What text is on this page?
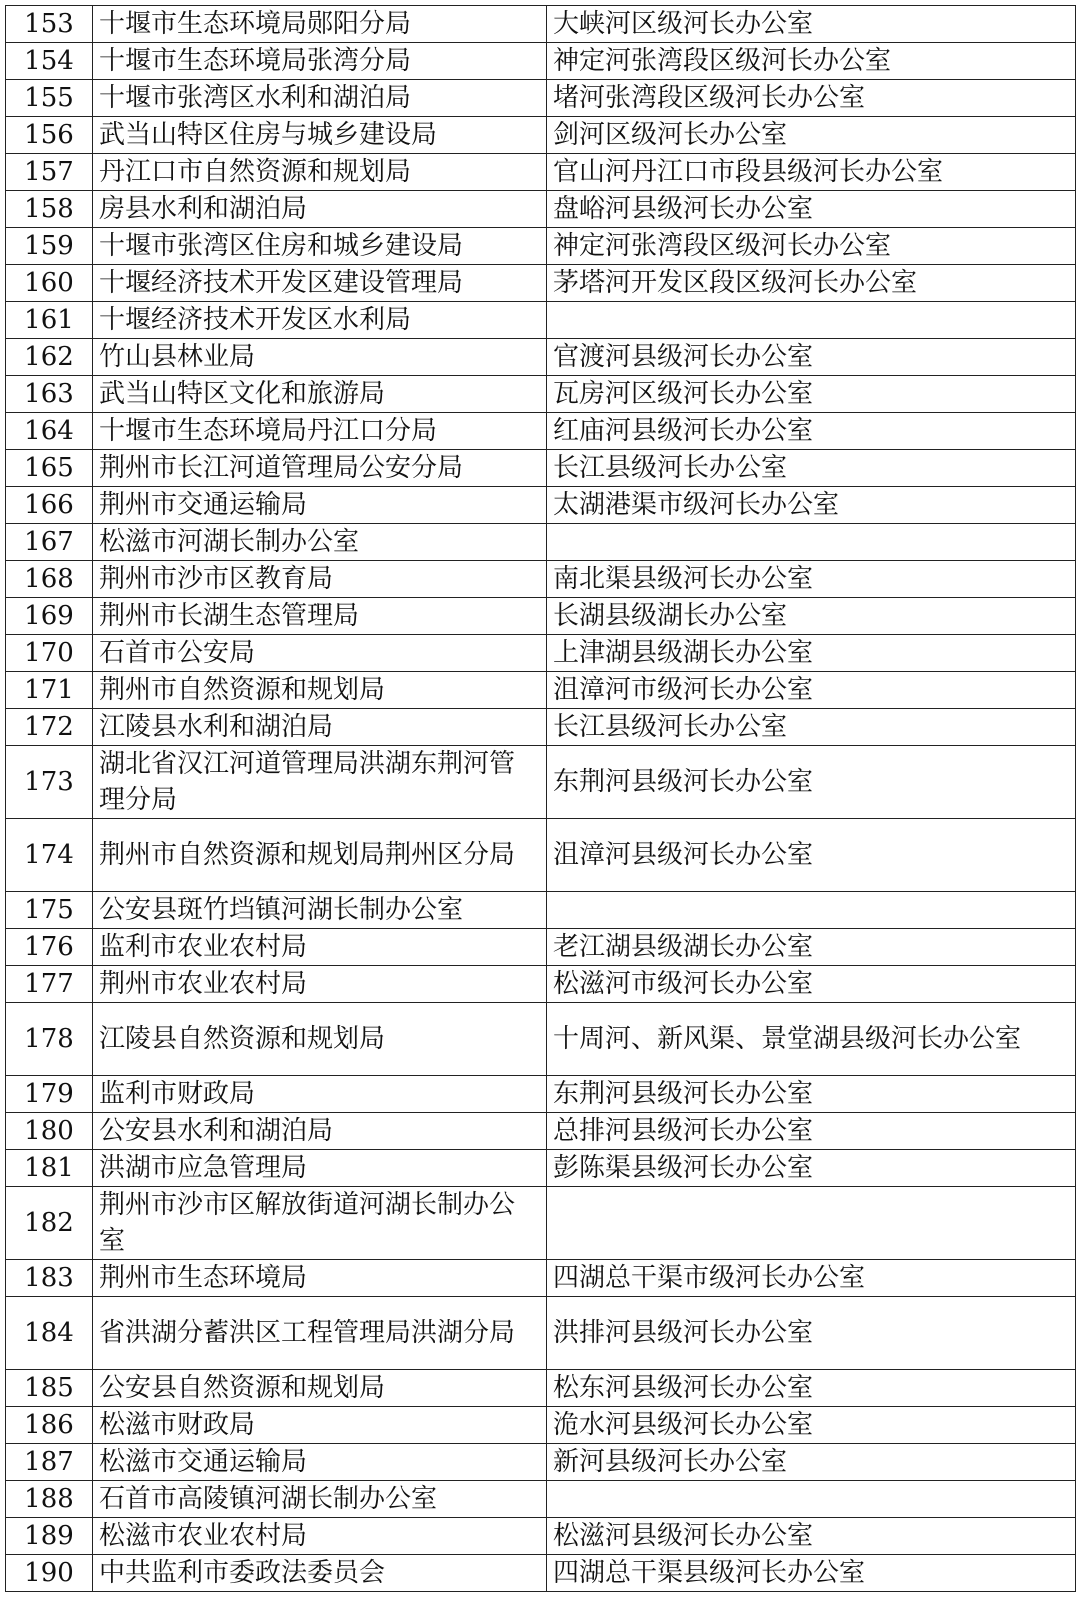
153	十堰市生态环境局郧阳分局	大峡河区级河长办公室
154	十堰市生态环境局张湾分局	神定河张湾段区级河长办公室
155	十堰市张湾区水利和湖泊局	堵河张湾段区级河长办公室
156	武当山特区住房与城乡建设局	剑河区级河长办公室
157	丹江口市自然资源和规划局	官山河丹江口市段县级河长办公室
158	房县水利和湖泊局	盘峪河县级河长办公室
159	十堰市张湾区住房和城乡建设局	神定河张湾段区级河长办公室
160	十堰经济技术开发区建设管理局	茅塔河开发区段区级河长办公室
161	十堰经济技术开发区水利局	
162	竹山县林业局	官渡河县级河长办公室
163	武当山特区文化和旅游局	瓦房河区级河长办公室
164	十堰市生态环境局丹江口分局	红庙河县级河长办公室
165	荆州市长江河道管理局公安分局	长江县级河长办公室
166	荆州市交通运输局	太湖港渠市级河长办公室
167	松滋市河湖长制办公室	
168	荆州市沙市区教育局	南北渠县级河长办公室
169	荆州市长湖生态管理局	长湖县级湖长办公室
170	石首市公安局	上津湖县级湖长办公室
171	荆州市自然资源和规划局	沮漳河市级河长办公室
172	江陵县水利和湖泊局	长江县级河长办公室
173	湖北省汉江河道管理局洪湖东荆河管理分局	东荆河县级河长办公室
174	荆州市自然资源和规划局荆州区分局	沮漳河县级河长办公室
175	公安县斑竹垱镇河湖长制办公室	
176	监利市农业农村局	老江湖县级湖长办公室
177	荆州市农业农村局	松滋河市级河长办公室
178	江陵县自然资源和规划局	十周河、新风渠、景堂湖县级河长办公室
179	监利市财政局	东荆河县级河长办公室
180	公安县水利和湖泊局	总排河县级河长办公室
181	洪湖市应急管理局	彭陈渠县级河长办公室
182	荆州市沙市区解放街道河湖长制办公室	
183	荆州市生态环境局	四湖总干渠市级河长办公室
184	省洪湖分蓄洪区工程管理局洪湖分局	洪排河县级河长办公室
185	公安县自然资源和规划局	松东河县级河长办公室
186	松滋市财政局	洈水河县级河长办公室
187	松滋市交通运输局	新河县级河长办公室
188	石首市高陵镇河湖长制办公室	
189	松滋市农业农村局	松滋河县级河长办公室
190	中共监利市委政法委员会	四湖总干渠县级河长办公室
